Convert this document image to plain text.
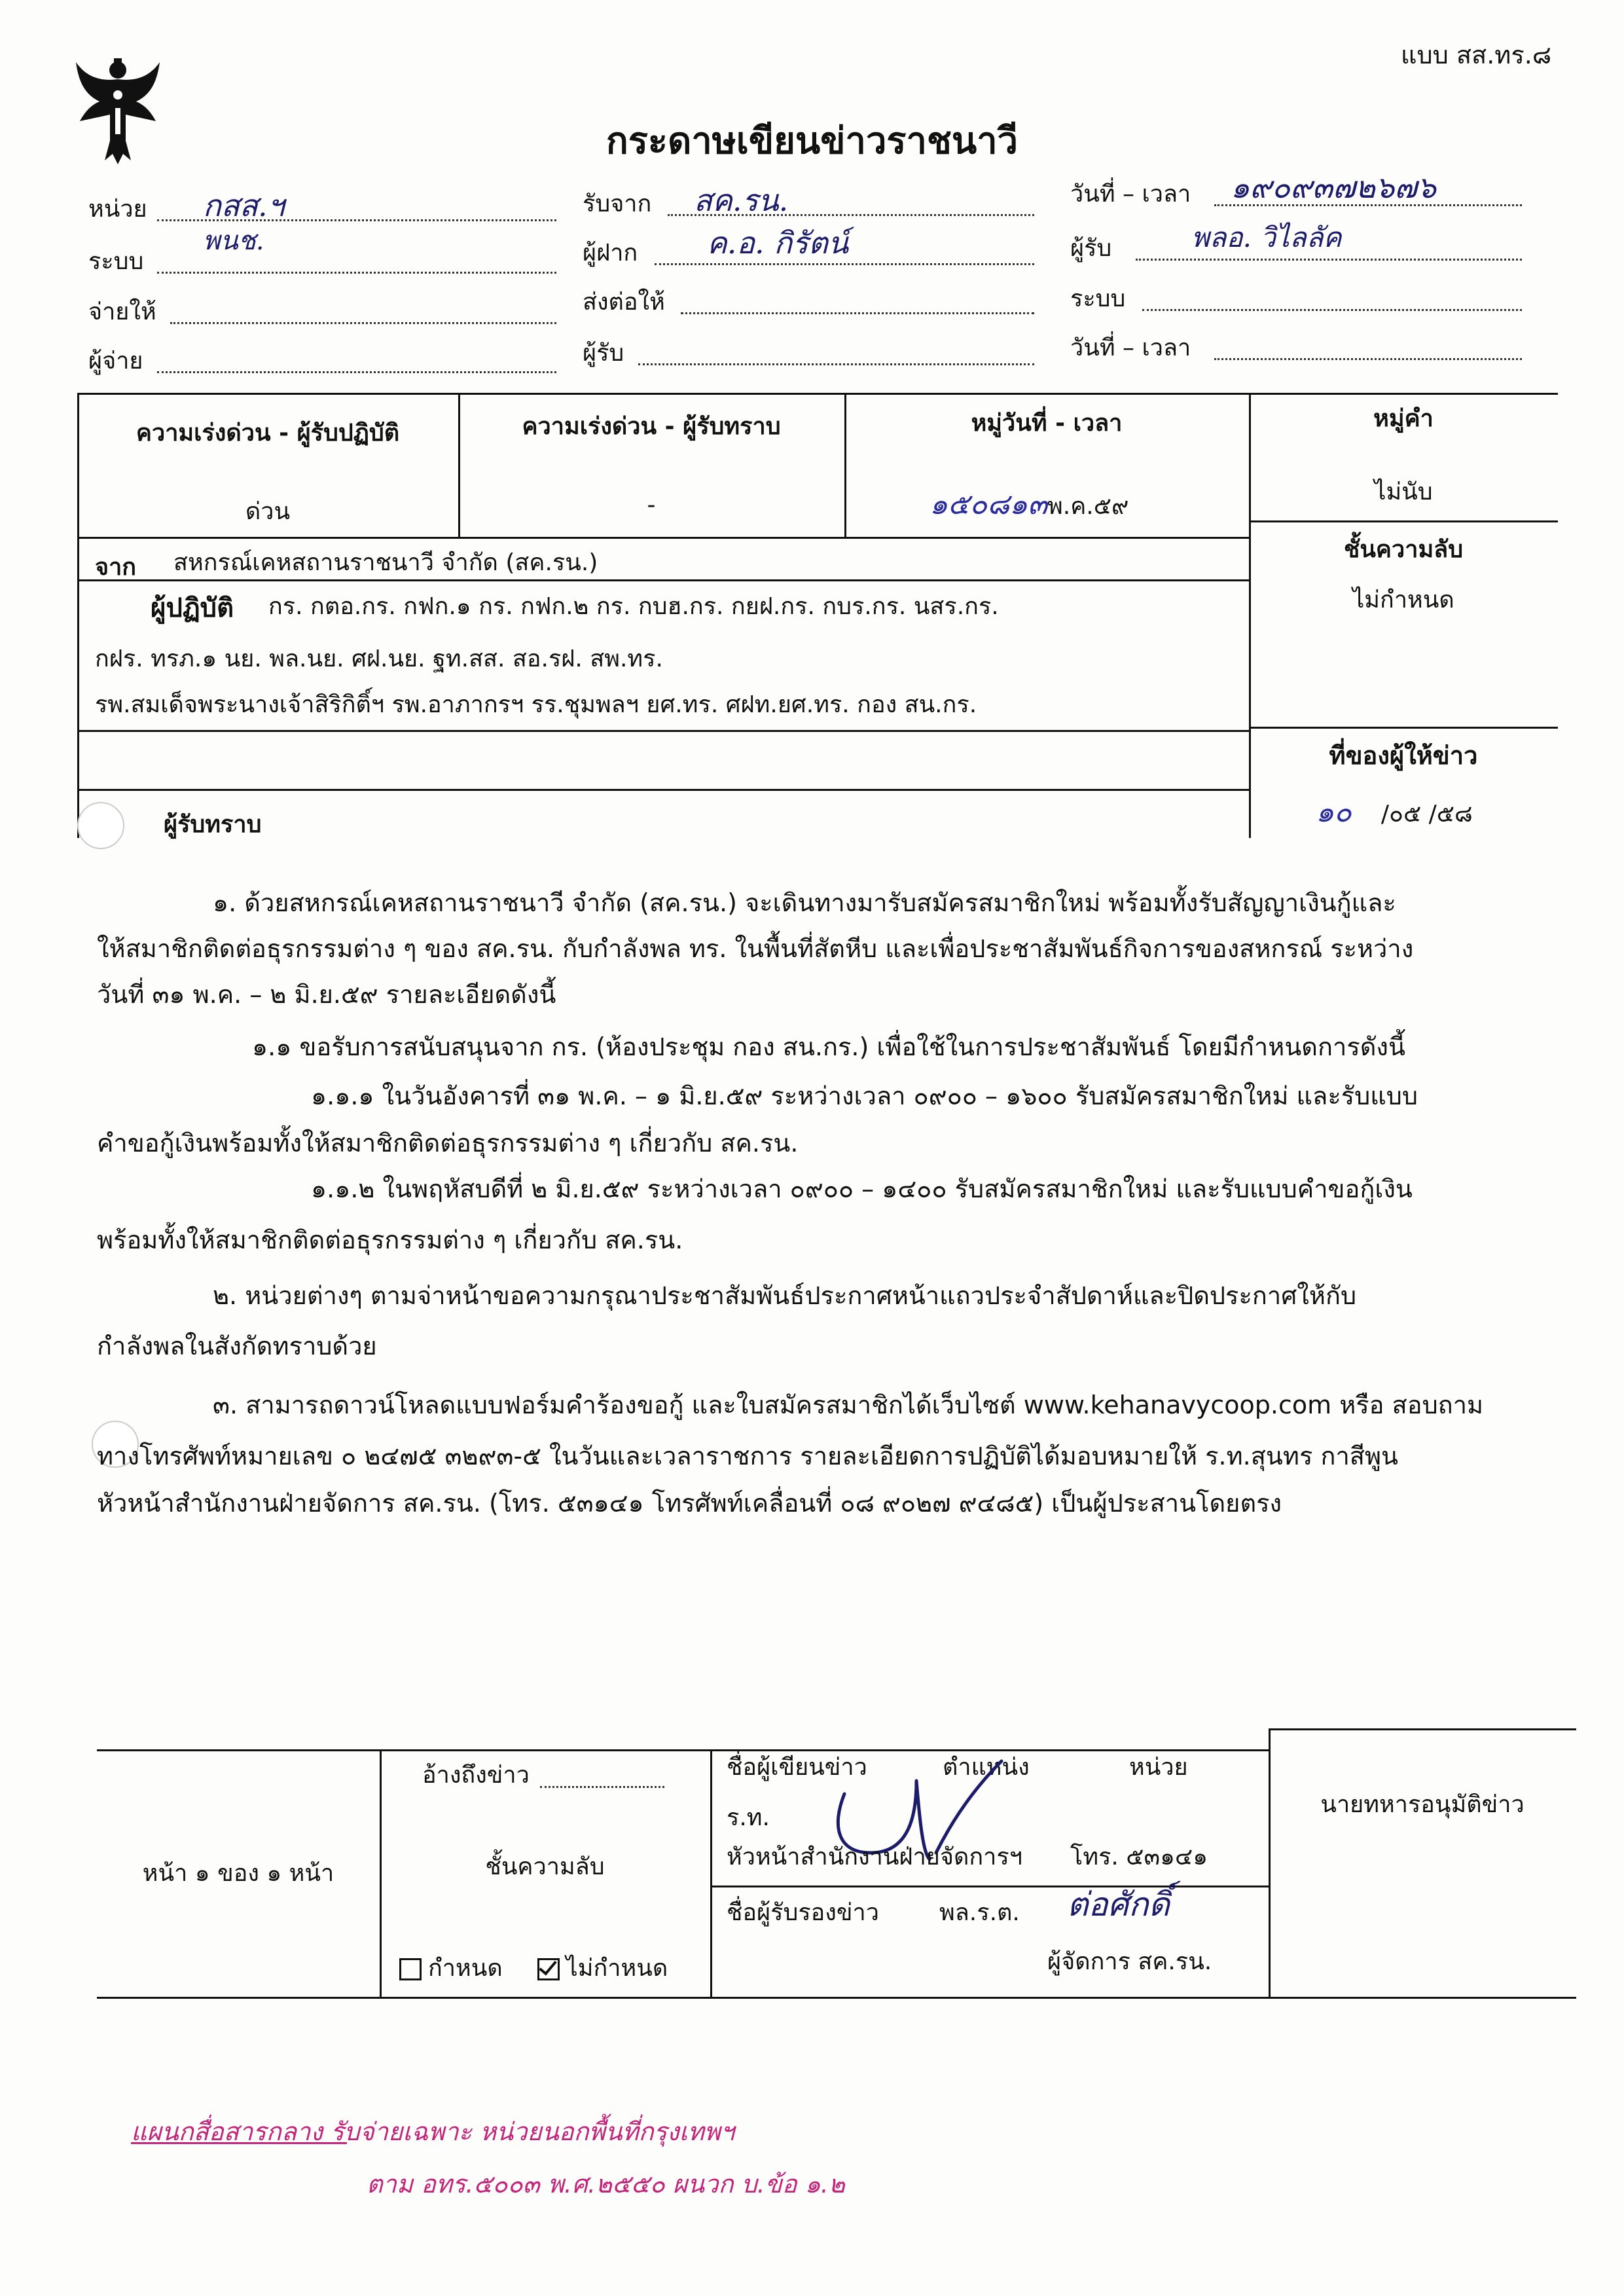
แบบ สส.ทร.๘
กระดาษเขียนข่าวราชนาวี
หน่วย กสส.ฯ
ระบบ
พนช.
จ่ายให้
ผู้จ่าย
รับจาก สค.รน.
ผู้ฝาก ค.อ. กิรัตน์
ส่งต่อให้
ผู้รับ
วันที่ – เวลา ๑๙๐๙๓๗๒๖๗๖
ผู้รับ	พลอ. วิไลลัค
ระบบ
วันที่ – เวลา
ความเร่งด่วน - ผู้รับปฏิบัติ
ด่วน
ความเร่งด่วน - ผู้รับทราบ
-
หมู่วันที่ - เวลา
๑๕๐๘๑๓พ.ค.๕๙
หมู่คำ
ไม่นับ
จาก สหกรณ์เคหสถานราชนาวี จำกัด (สค.รน.)	ชั้นความลับ
ไม่กำหนด
ผู้ปฏิบัติ กร. กตอ.กร. กฟก.๑ กร. กฟก.๒ กร. กบฮ.กร. กยฝ.กร. กบร.กร. นสร.กร.
กฝร. ทรภ.๑ นย. พล.นย. ศฝ.นย. ฐท.สส. สอ.รฝ. สพ.ทร.
รพ.สมเด็จพระนางเจ้าสิริกิติ์ฯ รพ.อาภากรฯ รร.ชุมพลฯ ยศ.ทร. ศฝท.ยศ.ทร. กอง สน.กร.
ผู้รับทราบ
ที่ของผู้ให้ข่าว
๑๐ /๐๕ /๕๘
๑. ด้วยสหกรณ์เคหสถานราชนาวี จำกัด (สค.รน.) จะเดินทางมารับสมัครสมาชิกใหม่ พร้อมทั้งรับสัญญาเงินกู้และ
ให้สมาชิกติดต่อธุรกรรมต่าง ๆ ของ สค.รน. กับกำลังพล ทร. ในพื้นที่สัตหีบ และเพื่อประชาสัมพันธ์กิจการของสหกรณ์ ระหว่าง
วันที่ ๓๑ พ.ค. – ๒ มิ.ย.๕๙ รายละเอียดดังนี้
๑.๑ ขอรับการสนับสนุนจาก กร. (ห้องประชุม กอง สน.กร.) เพื่อใช้ในการประชาสัมพันธ์ โดยมีกำหนดการดังนี้
๑.๑.๑ ในวันอังคารที่ ๓๑ พ.ค. – ๑ มิ.ย.๕๙ ระหว่างเวลา ๐๙๐๐ – ๑๖๐๐ รับสมัครสมาชิกใหม่ และรับแบบ
คำขอกู้เงินพร้อมทั้งให้สมาชิกติดต่อธุรกรรมต่าง ๆ เกี่ยวกับ สค.รน.
๑.๑.๒ ในพฤหัสบดีที่ ๒ มิ.ย.๕๙ ระหว่างเวลา ๐๙๐๐ – ๑๔๐๐ รับสมัครสมาชิกใหม่ และรับแบบคำขอกู้เงิน
พร้อมทั้งให้สมาชิกติดต่อธุรกรรมต่าง ๆ เกี่ยวกับ สค.รน.
๒. หน่วยต่างๆ ตามจ่าหน้าขอความกรุณาประชาสัมพันธ์ประกาศหน้าแถวประจำสัปดาห์และปิดประกาศให้กับ
กำลังพลในสังกัดทราบด้วย
๓. สามารถดาวน์โหลดแบบฟอร์มคำร้องขอกู้ และใบสมัครสมาชิกได้เว็บไซต์ www.kehanavycoop.com หรือ สอบถาม
ทางโทรศัพท์หมายเลข ๐ ๒๔๗๕ ๓๒๙๓-๕ ในวันและเวลาราชการ รายละเอียดการปฏิบัติได้มอบหมายให้ ร.ท.สุนทร กาสีพูน
หัวหน้าสำนักงานฝ่ายจัดการ สค.รน. (โทร. ๕๓๑๔๑ โทรศัพท์เคลื่อนที่ ๐๘ ๙๐๒๗ ๙๔๘๕) เป็นผู้ประสานโดยตรง
หน้า ๑ ของ ๑ หน้า
อ้างถึงข่าว
ชั้นความลับ
กำหนด	ไม่กำหนด
ชื่อผู้เขียนข่าว	ตำแหน่ง	หน่วย
ร.ท.
หัวหน้าสำนักงานฝ่ายจัดการฯ โทร. ๕๓๑๔๑
ชื่อผู้รับรองข่าว	พล.ร.ต. ต่อศักดิ์
ผู้จัดการ สค.รน.
นายทหารอนุมัติข่าว
แผนกสื่อสารกลาง รับจ่ายเฉพาะ หน่วยนอกพื้นที่กรุงเทพฯ
ตาม อทร.๕๐๐๓ พ.ศ.๒๕๕๐ ผนวก บ.ข้อ ๑.๒
